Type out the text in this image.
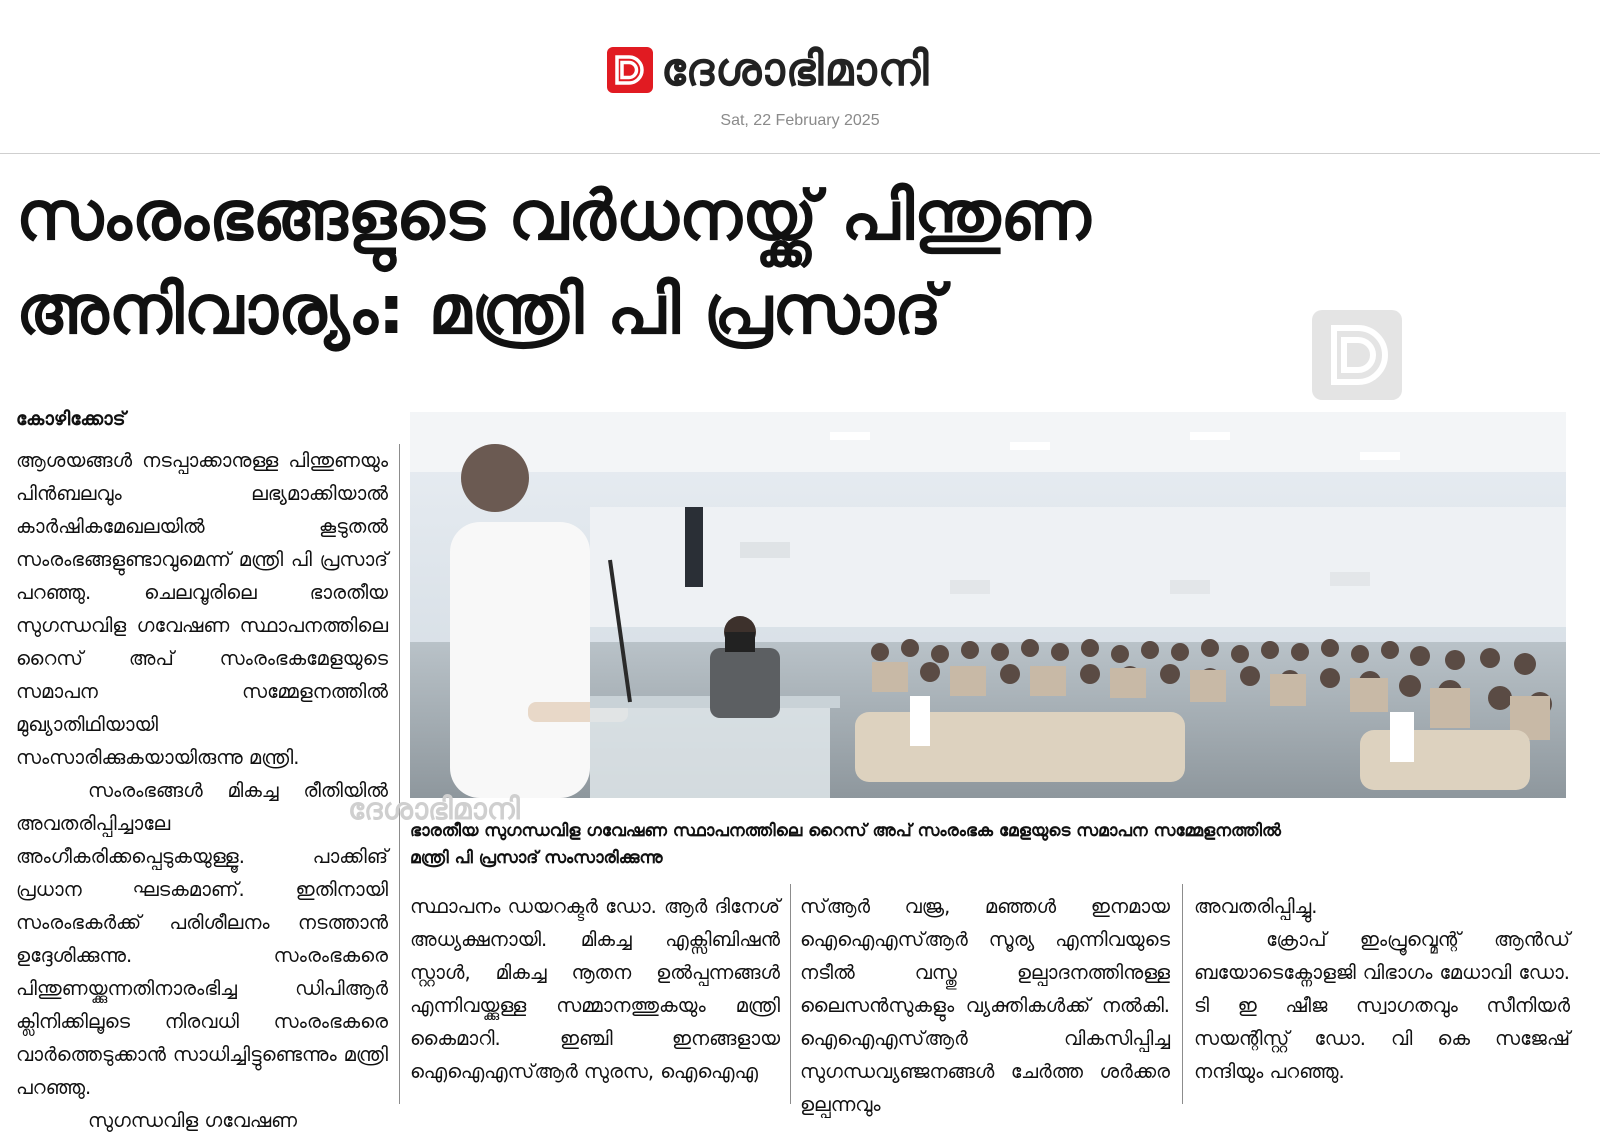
ദേശാഭിമാനി
Sat, 22 February 2025
സംരംഭങ്ങളുടെ വർധനയ്ക്ക് പിന്തുണ
അനിവാര്യം: മന്ത്രി പി പ്രസാദ്
കോഴിക്കോട്

ആശയങ്ങൾ നടപ്പാക്കാനുള്ള പിന്തുണയും പിൻബലവും ലഭ്യമാക്കിയാൽ കാർഷികമേഖലയിൽ കൂടുതൽ സംരംഭങ്ങളുണ്ടാവുമെന്ന് മന്ത്രി പി പ്രസാദ് പറഞ്ഞു. ചെലവൂരിലെ ഭാരതീയ സുഗന്ധവിള ഗവേഷണ സ്ഥാപനത്തിലെ റൈസ് അപ് സംരംഭകമേളയുടെ സമാപന സമ്മേളനത്തിൽ മുഖ്യാതിഥിയായി സംസാരിക്കുകയായിരുന്നു മന്ത്രി.

സംരംഭങ്ങൾ മികച്ച രീതിയിൽ അവതരിപ്പിച്ചാലേ അംഗീകരിക്കപ്പെടുകയുള്ളൂ. പാക്കിങ് പ്രധാന ഘടകമാണ്. ഇതിനായി സംരംഭകർക്ക് പരിശീലനം നടത്താൻ ഉദ്ദേശിക്കുന്നു. സംരംഭകരെ പിന്തുണയ്ക്കുന്നതിനാരംഭിച്ച ഡിപിആർ ക്ലിനിക്കിലൂടെ നിരവധി സംരംഭകരെ വാർത്തെടുക്കാൻ സാധിച്ചിട്ടുണ്ടെന്നും മന്ത്രി പറഞ്ഞു.

സുഗന്ധവിള ഗവേഷണ

ദേശാഭിമാനി
ഭാരതീയ സുഗന്ധവിള ഗവേഷണ സ്ഥാപനത്തിലെ റൈസ് അപ് സംരംഭക മേളയുടെ സമാപന സമ്മേളനത്തിൽ
മന്ത്രി പി പ്രസാദ് സംസാരിക്കുന്നു

സ്ഥാപനം ഡയറക്ടർ ഡോ. ആർ ദിനേശ് അധ്യക്ഷനായി. മികച്ച എക്സിബിഷൻ സ്റ്റാൾ, മികച്ച നൂതന ഉൽപ്പന്നങ്ങൾ എന്നിവയ്ക്കുള്ള സമ്മാനത്തുകയും മന്ത്രി കൈമാറി. ഇഞ്ചി ഇനങ്ങളായ ഐഐഎസ്ആർ സുരസ, ഐഐഎ

സ്ആർ വജ്ര, മഞ്ഞൾ ഇനമായ ഐഐഎസ്ആർ സൂര്യ എന്നിവയുടെ നടീൽ വസ്തു ഉല്പാദനത്തിനുള്ള ലൈസൻസുകളും വ്യക്തികൾക്ക് നൽകി. ഐഐഎസ്ആർ വികസിപ്പിച്ച സുഗന്ധവ്യഞ്ജനങ്ങൾ ചേർത്ത ശർക്കര ഉല്പന്നവും

അവതരിപ്പിച്ചു.

ക്രോപ് ഇംപ്രൂവ്മെന്റ് ആൻഡ് ബയോടെക്നോളജി വിഭാഗം മേധാവി ഡോ. ടി ഇ ഷീജ സ്വാഗതവും സീനിയർ സയന്റിസ്റ്റ് ഡോ. വി കെ സജേഷ് നന്ദിയും പറഞ്ഞു.
